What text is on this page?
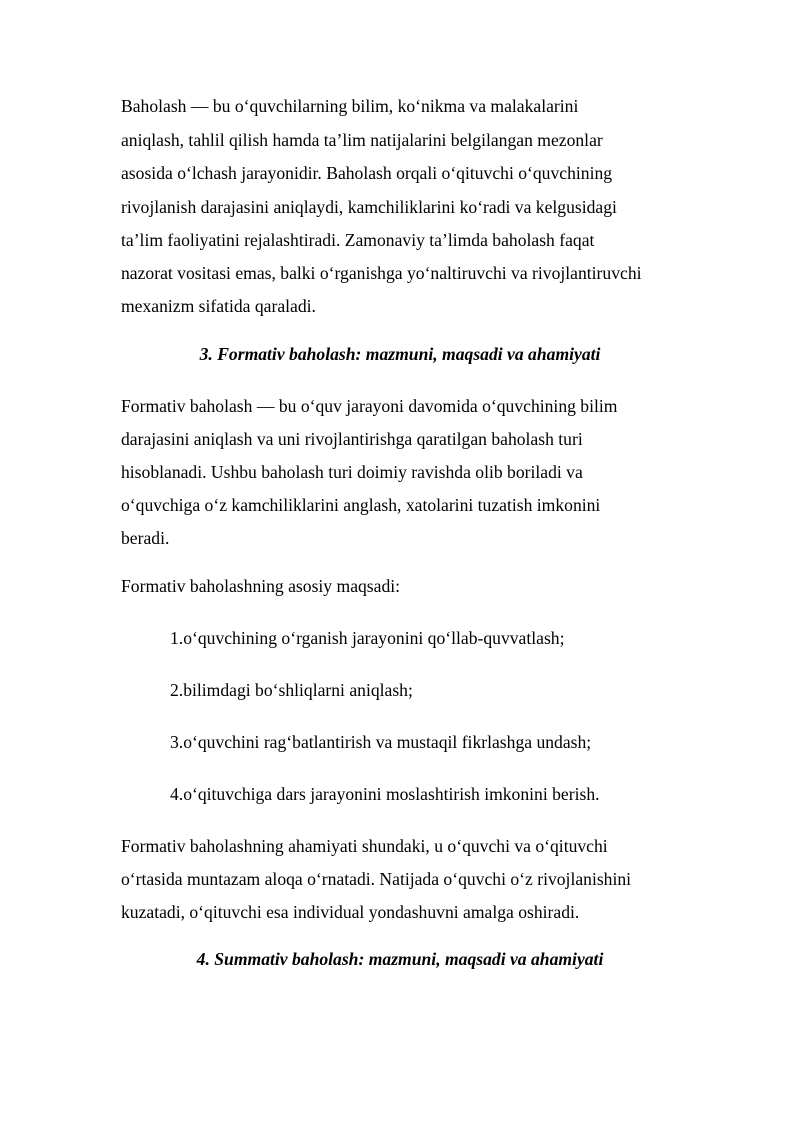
Baholash — bu o‘quvchilarning bilim, ko‘nikma va malakalarini
aniqlash, tahlil qilish hamda ta’lim natijalarini belgilangan mezonlar
asosida o‘lchash jarayonidir. Baholash orqali o‘qituvchi o‘quvchining
rivojlanish darajasini aniqlaydi, kamchiliklarini ko‘radi va kelgusidagi
ta’lim faoliyatini rejalashtiradi. Zamonaviy ta’limda baholash faqat
nazorat vositasi emas, balki o‘rganishga yo‘naltiruvchi va rivojlantiruvchi
mexanizm sifatida qaraladi.
3. Formativ baholash: mazmuni, maqsadi va ahamiyati
Formativ baholash — bu o‘quv jarayoni davomida o‘quvchining bilim
darajasini aniqlash va uni rivojlantirishga qaratilgan baholash turi
hisoblanadi. Ushbu baholash turi doimiy ravishda olib boriladi va
o‘quvchiga o‘z kamchiliklarini anglash, xatolarini tuzatish imkonini
beradi.
Formativ baholashning asosiy maqsadi:
1.o‘quvchining o‘rganish jarayonini qo‘llab-quvvatlash;
2.bilimdagi bo‘shliqlarni aniqlash;
3.o‘quvchini rag‘batlantirish va mustaqil fikrlashga undash;
4.o‘qituvchiga dars jarayonini moslashtirish imkonini berish.
Formativ baholashning ahamiyati shundaki, u o‘quvchi va o‘qituvchi
o‘rtasida muntazam aloqa o‘rnatadi. Natijada o‘quvchi o‘z rivojlanishini
kuzatadi, o‘qituvchi esa individual yondashuvni amalga oshiradi.
4. Summativ baholash: mazmuni, maqsadi va ahamiyati
